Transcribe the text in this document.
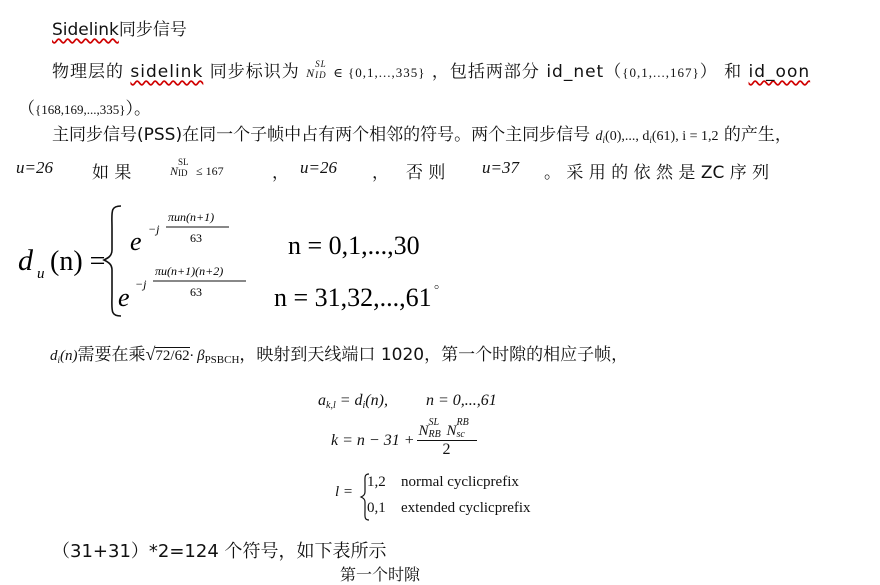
Sidelink同步信号
物理层的 sidelink 同步标识为 N
SL
ID ∈ {0,1,...,335} ，包括两部分 id_net（{0,1,...,167}） 和 id_oon
（{168,169,...,335}）。
主同步信号(PSS)在同一个子帧中占有两个相邻的符号。两个主同步信号 $d_i(0)$,..., $d_i(61)$, i = 1,2 的产生，
u=26 如 果	N
SL
ID ≤ 167	， u=26 ， 否 则 u=37 。 采 用 的 依 然 是 ZC 序 列
d u (n) =
e −j
πun(n+1)
63	n = 0,1,...,30
e −j
πu(n+1)(n+2)
63	n = 31,32,...,61 。
$d_i(n)$需要在乘$√72/62\cdot \beta_{PSBCH}$，映射到天线端口 1020，第一个时隙的相应子帧，
$a_{k,l} = d_i(n)$, n = 0,...,61
k = n − 31 + N
SL
RB N
RB
sc
2
l =
1,2 normal cyclicprefix
0,1 extended cyclicprefix
（31+31）*2=124 个符号，如下表所示
第一个时隙
